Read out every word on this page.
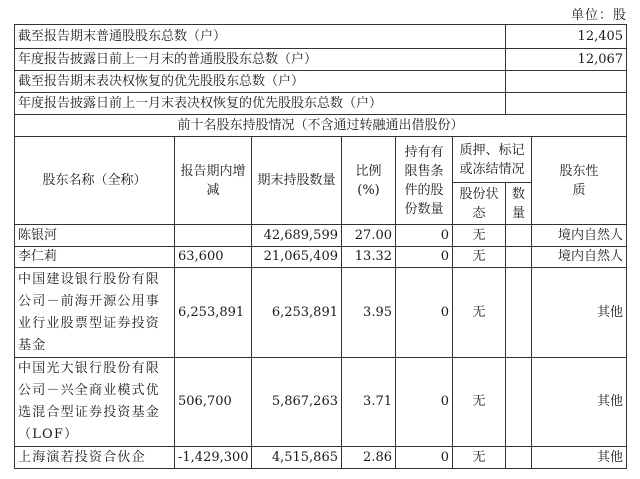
单位：股
截至报告期末普通股股东总数（户）						12,405	
年度报告披露日前上一月末的普通股股东总数（户）						12,067	
截至报告期末表决权恢复的优先股股东总数（户）							
年度报告披露日前上一月末表决权恢复的优先股股东总数（户）							
前十名股东持股情况（不含通过转融通出借股份）							
股东名称（全称）	报告期内增减	期末持股数量	比例(%)	持有有限售条件的股份数量	质押、标记或冻结情况		股东性质
					股份状态	数量	
陈银河		42,689,599	27.00	0	无		境内自然人
李仁莉	63,600	21,065,409	13.32	0	无		境内自然人
中国建设银行股份有限公司－前海开源公用事业行业股票型证券投资基金	6,253,891	6,253,891	3.95	0	无		其他
中国光大银行股份有限公司－兴全商业模式优选混合型证券投资基金（LOF）	506,700	5,867,263	3.71	0	无		其他
上海演若投资合伙企	-1,429,300	4,515,865	2.86	0	无		其他
